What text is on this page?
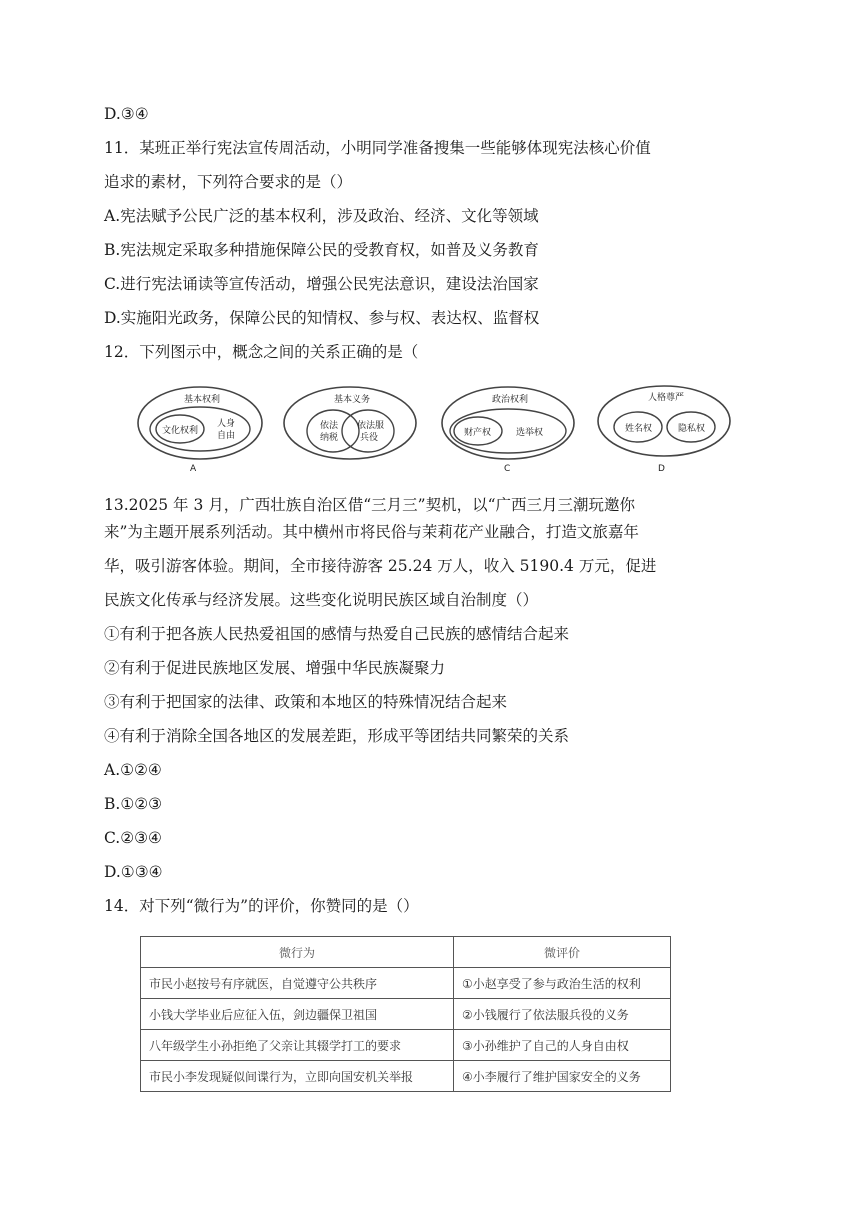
D.③④
11．某班正举行宪法宣传周活动，小明同学准备搜集一些能够体现宪法核心价值
追求的素材，下列符合要求的是（）
A.宪法赋予公民广泛的基本权利，涉及政治、经济、文化等领域
B.宪法规定采取多种措施保障公民的受教育权，如普及义务教育
C.进行宪法诵读等宣传活动，增强公民宪法意识，建设法治国家
D.实施阳光政务，保障公民的知情权、参与权、表达权、监督权
12．下列图示中，概念之间的关系正确的是（
13.2025 年 3 月，广西壮族自治区借“三月三”契机，以“广西三月三潮玩邀你
来”为主题开展系列活动。其中横州市将民俗与茉莉花产业融合，打造文旅嘉年
华，吸引游客体验。期间，全市接待游客 25.24 万人，收入 5190.4 万元，促进
民族文化传承与经济发展。这些变化说明民族区域自治制度（）
①有利于把各族人民热爱祖国的感情与热爱自己民族的感情结合起来
②有利于促进民族地区发展、增强中华民族凝聚力
③有利于把国家的法律、政策和本地区的特殊情况结合起来
④有利于消除全国各地区的发展差距，形成平等团结共同繁荣的关系
A.①②④
B.①②③
C.②③④
D.①③④
14．对下列“微行为”的评价，你赞同的是（）
基本权利
文化权利
人身
自由
A
基本义务
依法
纳税
依法服
兵役
政治权利
财产权	选举权
C
人格尊严
姓名权	隐私权
D
微行为	微评价
市民小赵按号有序就医，自觉遵守公共秩序	①小赵享受了参与政治生活的权利
小钱大学毕业后应征入伍，剑边疆保卫祖国	②小钱履行了依法服兵役的义务
八年级学生小孙拒绝了父亲让其辍学打工的要求	③小孙维护了自己的人身自由权
市民小李发现疑似间谍行为，立即向国安机关举报	④小李履行了维护国家安全的义务
